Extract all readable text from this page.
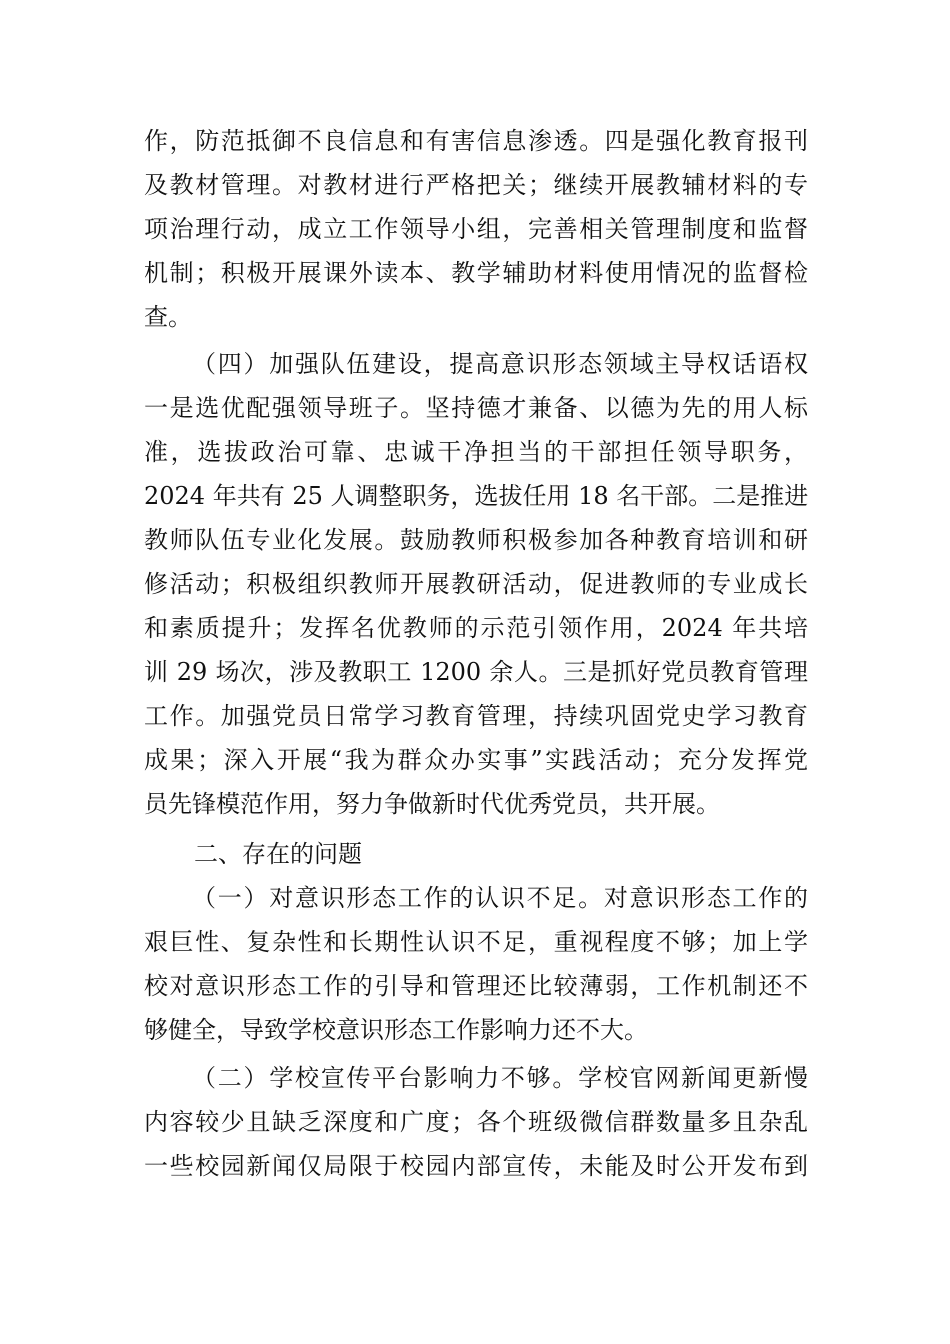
作，防范抵御不良信息和有害信息渗透。四是强化教育报刊
及教材管理。对教材进行严格把关；继续开展教辅材料的专
项治理行动，成立工作领导小组，完善相关管理制度和监督
机制；积极开展课外读本、教学辅助材料使用情况的监督检
查。
（四）加强队伍建设，提高意识形态领域主导权话语权
一是选优配强领导班子。坚持德才兼备、以德为先的用人标
准，选拔政治可靠、忠诚干净担当的干部担任领导职务，
2024 年共有 25 人调整职务，选拔任用 18 名干部。二是推进
教师队伍专业化发展。鼓励教师积极参加各种教育培训和研
修活动；积极组织教师开展教研活动，促进教师的专业成长
和素质提升；发挥名优教师的示范引领作用，2024 年共培
训 29 场次，涉及教职工 1200 余人。三是抓好党员教育管理
工作。加强党员日常学习教育管理，持续巩固党史学习教育
成果；深入开展“我为群众办实事”实践活动；充分发挥党
员先锋模范作用，努力争做新时代优秀党员，共开展。
二、存在的问题
（一）对意识形态工作的认识不足。对意识形态工作的
艰巨性、复杂性和长期性认识不足，重视程度不够；加上学
校对意识形态工作的引导和管理还比较薄弱，工作机制还不
够健全，导致学校意识形态工作影响力还不大。
（二）学校宣传平台影响力不够。学校官网新闻更新慢
内容较少且缺乏深度和广度；各个班级微信群数量多且杂乱
一些校园新闻仅局限于校园内部宣传，未能及时公开发布到
